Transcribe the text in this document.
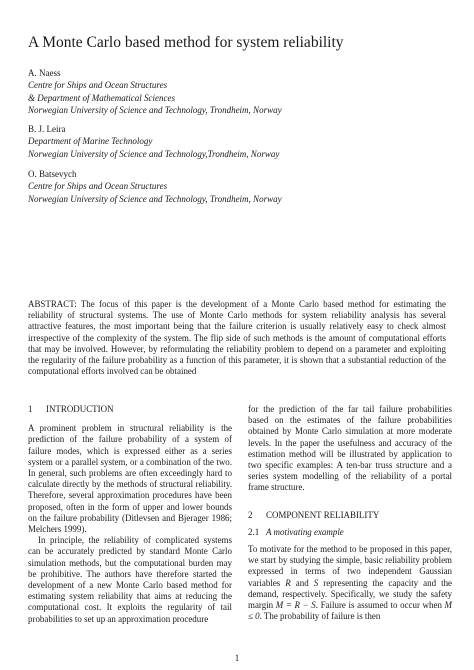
A Monte Carlo based method for system reliability
A. Naess
Centre for Ships and Ocean Structures
& Department of Mathematical Sciences
Norwegian University of Science and Technology, Trondheim, Norway
B. J. Leira
Department of Marine Technology
Norwegian University of Science and Technology,Trondheim, Norway
O. Batsevych
Centre for Ships and Ocean Structures
Norwegian University of Science and Technology, Trondheim, Norway
ABSTRACT: The focus of this paper is the development of a Monte Carlo based method for estimating the reliability of structural systems. The use of Monte Carlo methods for system reliability analysis has several attractive features, the most important being that the failure criterion is usually relatively easy to check almost irrespective of the complexity of the system. The flip side of such methods is the amount of computational efforts that may be involved. However, by reformulating the reliability problem to depend on a parameter and exploiting the regularity of the failure probability as a function of this parameter, it is shown that a substantial reduction of the computational efforts involved can be obtained
1 INTRODUCTION

A prominent problem in structural reliability is the prediction of the failure probability of a system of failure modes, which is expressed either as a series system or a parallel system, or a combination of the two. In general, such problems are often exceedingly hard to calculate directly by the methods of structural reliability. Therefore, several approximation procedures have been proposed, often in the form of upper and lower bounds on the failure probability (Ditlevsen and Bjerager 1986; Melchers 1999).

In principle, the reliability of complicated systems can be accurately predicted by standard Monte Carlo simulation methods, but the computational burden may be prohibitive. The authors have therefore started the development of a new Monte Carlo based method for estimating system reliability that aims at reducing the computational cost. It exploits the regularity of tail probabilities to set up an approximation procedure

for the prediction of the far tail failure probabilities based on the estimates of the failure probabilities obtained by Monte Carlo simulation at more moderate levels. In the paper the usefulness and accuracy of the estimation method will be illustrated by application to two specific examples: A ten-bar truss structure and a series system modelling of the reliability of a portal frame structure.

2 COMPONENT RELIABILITY
2.1 A motivating example

To motivate for the method to be proposed in this paper, we start by studying the simple, basic reliability problem expressed in terms of two independent Gaussian variables R and S representing the capacity and the demand, respectively. Specifically, we study the safety margin M = R − S. Failure is assumed to occur when M ≤ 0. The probability of failure is then

1
